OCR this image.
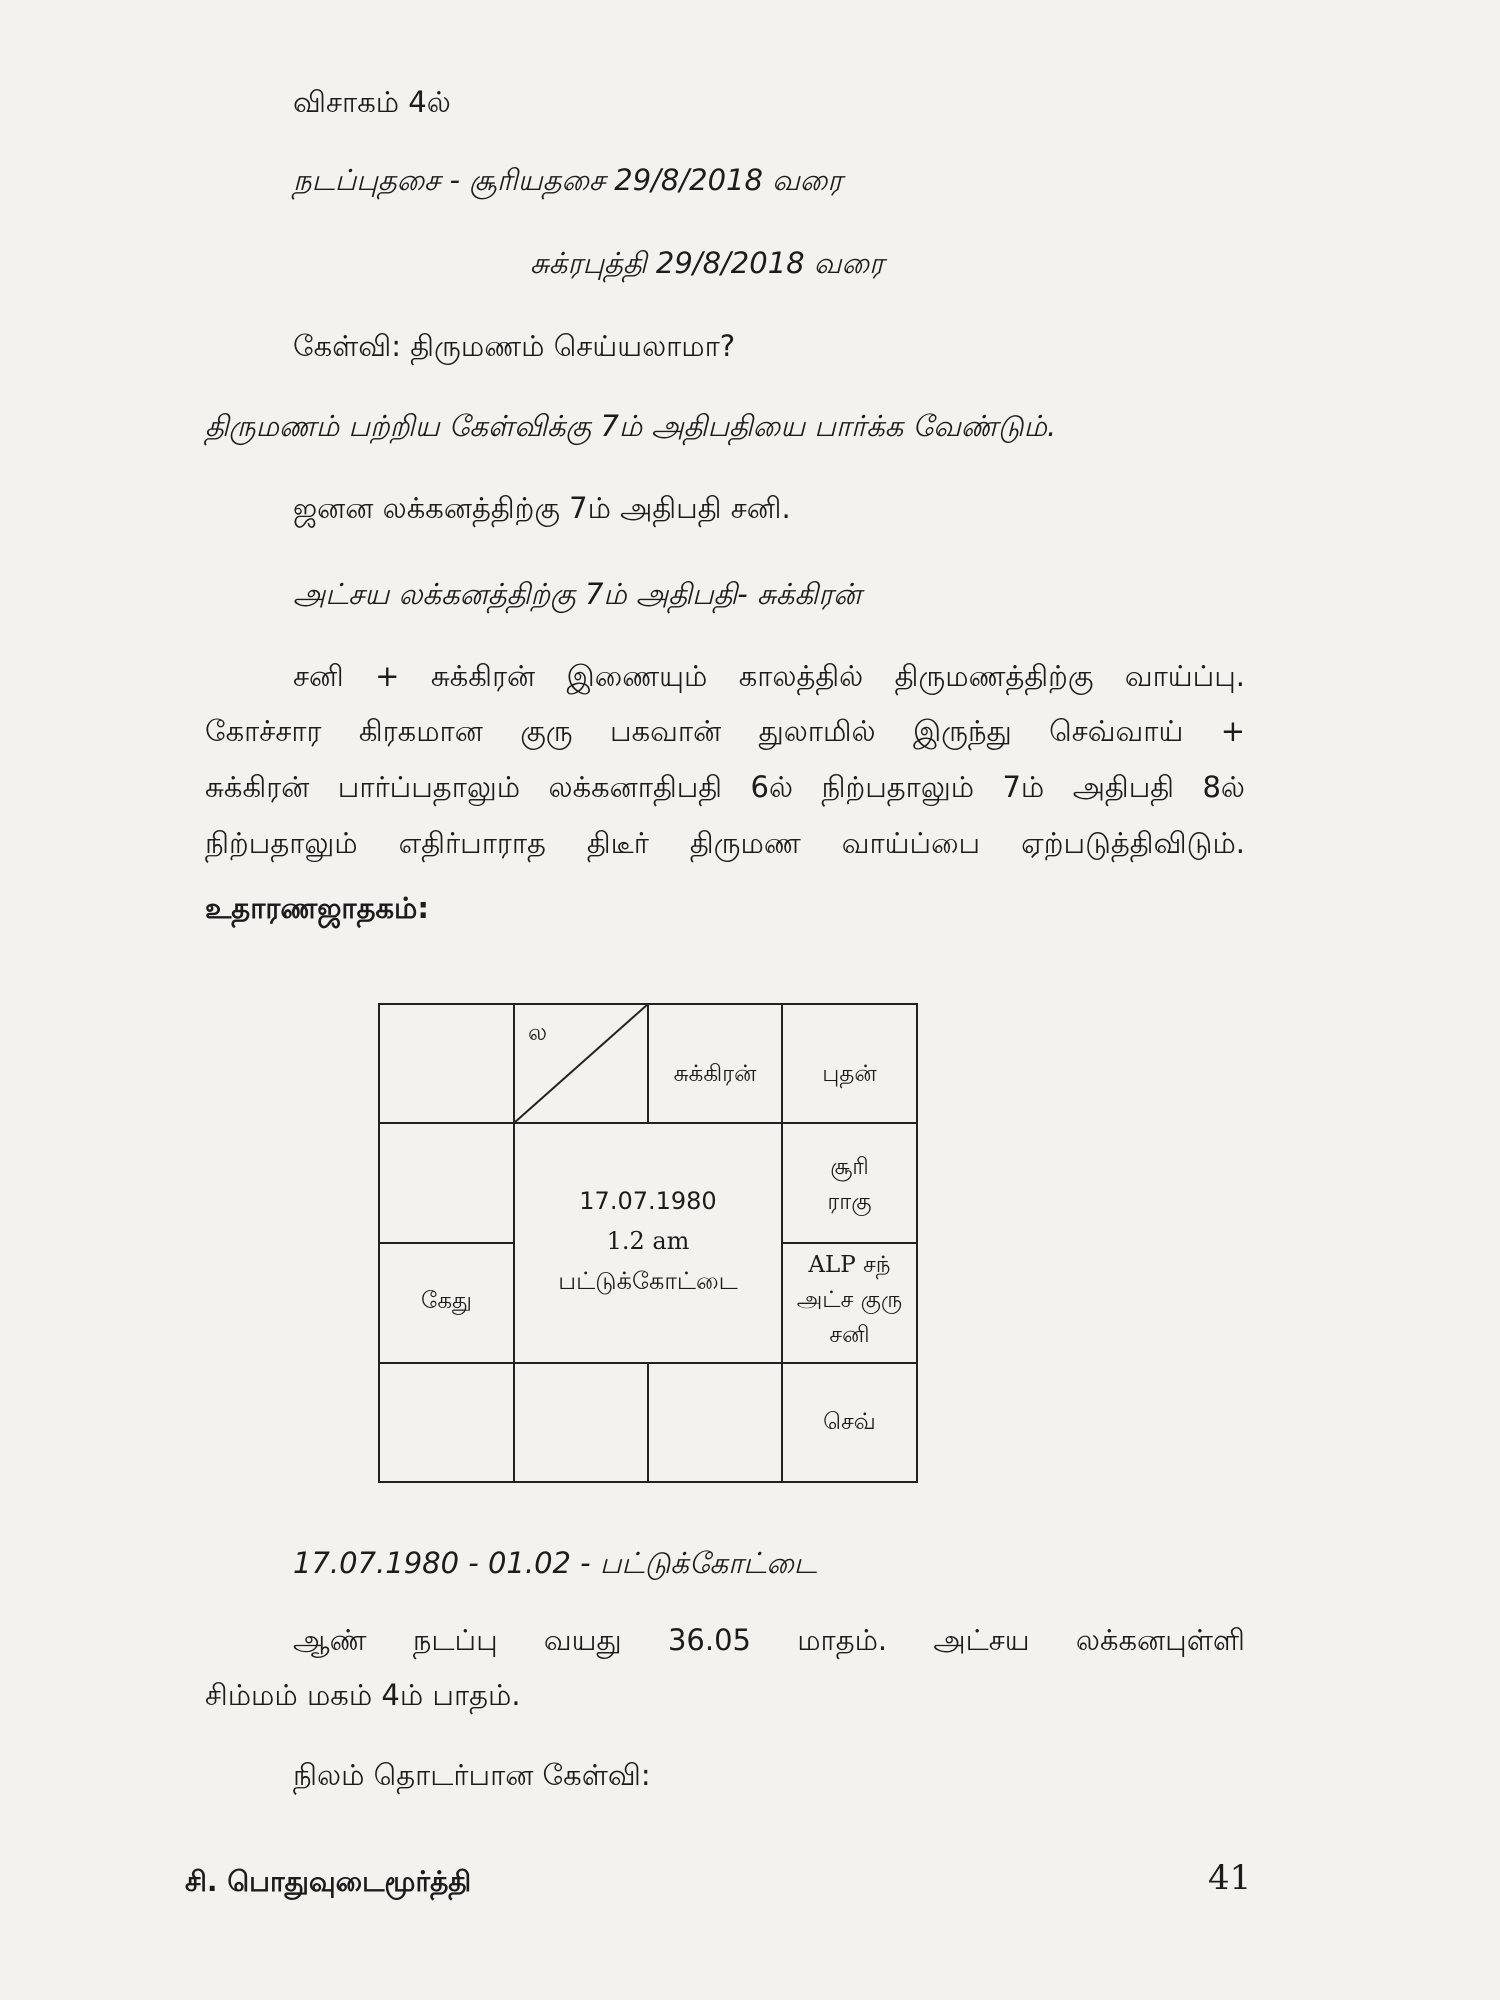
விசாகம் 4ல்
நடப்புதசை - சூரியதசை 29/8/2018 வரை
சுக்ரபுத்தி 29/8/2018 வரை
கேள்வி: திருமணம் செய்யலாமா?
திருமணம் பற்றிய கேள்விக்கு 7ம் அதிபதியை பார்க்க வேண்டும்.
ஜனன லக்கனத்திற்கு 7ம் அதிபதி சனி.
அட்சய லக்கனத்திற்கு 7ம் அதிபதி- சுக்கிரன்
சனி + சுக்கிரன் இணையும் காலத்தில் திருமணத்திற்கு வாய்ப்பு.
கோச்சார கிரகமான குரு பகவான் துலாமில் இருந்து செவ்வாய் +
சுக்கிரன் பார்ப்பதாலும் லக்கனாதிபதி 6ல் நிற்பதாலும் 7ம் அதிபதி 8ல்
நிற்பதாலும் எதிர்பாராத திடீர் திருமண வாய்ப்பை ஏற்படுத்திவிடும்.
உதாரணஜாதகம்:
ல
சுக்கிரன்	புதன்
சூரி
ராகு
ALP சந்
அட்ச குரு
சனி
கேது
செவ்
17.07.1980
1.2 am
பட்டுக்கோட்டை
17.07.1980 - 01.02 - பட்டுக்கோட்டை
ஆண் நடப்பு வயது 36.05 மாதம். அட்சய லக்கனபுள்ளி
சிம்மம் மகம் 4ம் பாதம்.
நிலம் தொடர்பான கேள்வி:
சி. பொதுவுடைமூர்த்தி	41
